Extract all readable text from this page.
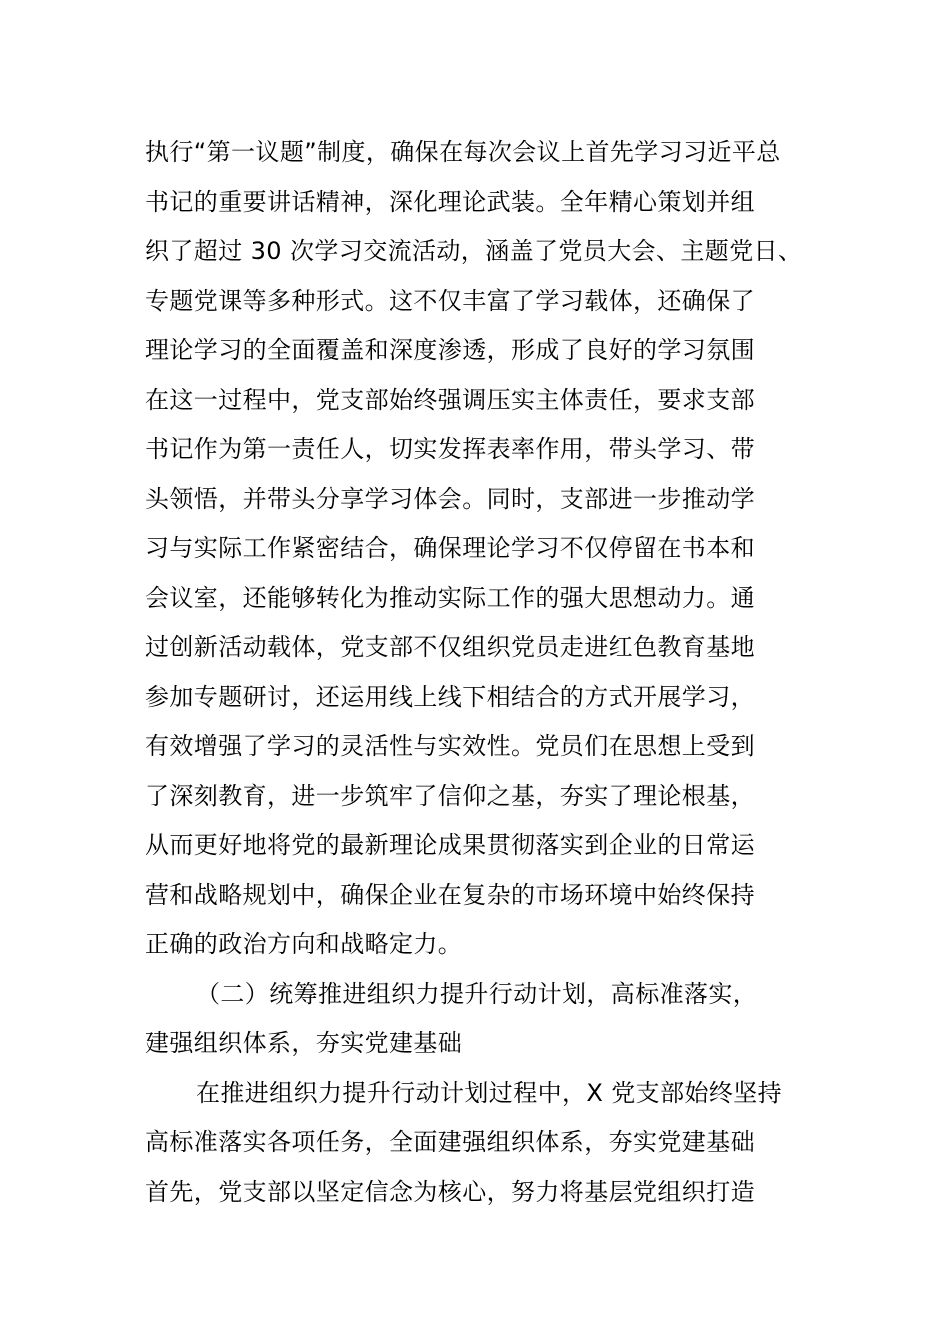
执行“第一议题”制度，确保在每次会议上首先学习习近平总
书记的重要讲话精神，深化理论武装。全年精心策划并组
织了超过 30 次学习交流活动，涵盖了党员大会、主题党日、
专题党课等多种形式。这不仅丰富了学习载体，还确保了
理论学习的全面覆盖和深度渗透，形成了良好的学习氛围
在这一过程中，党支部始终强调压实主体责任，要求支部
书记作为第一责任人，切实发挥表率作用，带头学习、带
头领悟，并带头分享学习体会。同时，支部进一步推动学
习与实际工作紧密结合，确保理论学习不仅停留在书本和
会议室，还能够转化为推动实际工作的强大思想动力。通
过创新活动载体，党支部不仅组织党员走进红色教育基地
参加专题研讨，还运用线上线下相结合的方式开展学习，
有效增强了学习的灵活性与实效性。党员们在思想上受到
了深刻教育，进一步筑牢了信仰之基，夯实了理论根基，
从而更好地将党的最新理论成果贯彻落实到企业的日常运
营和战略规划中，确保企业在复杂的市场环境中始终保持
正确的政治方向和战略定力。
（二）统筹推进组织力提升行动计划，高标准落实，
建强组织体系，夯实党建基础
在推进组织力提升行动计划过程中，X 党支部始终坚持
高标准落实各项任务，全面建强组织体系，夯实党建基础
首先，党支部以坚定信念为核心，努力将基层党组织打造
